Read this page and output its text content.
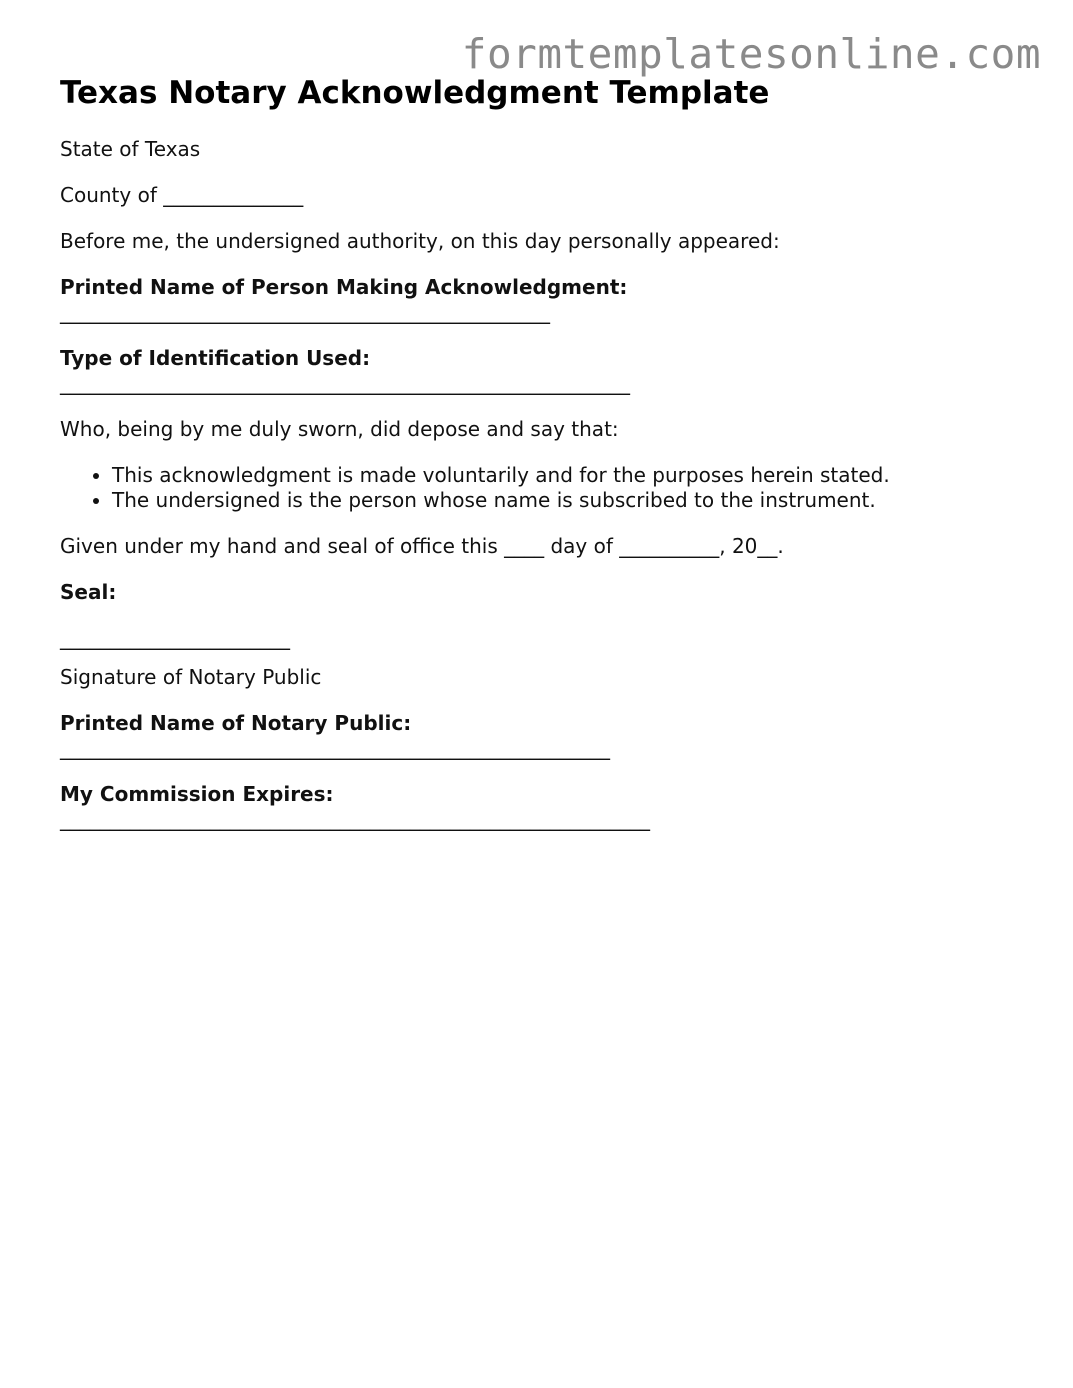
formtemplatesonline.com
Texas Notary Acknowledgment Template

State of Texas

County of ______________

Before me, the undersigned authority, on this day personally appeared:

Printed Name of Person Making Acknowledgment:

_________________________________________________

Type of Identification Used:

_________________________________________________________

Who, being by me duly sworn, did depose and say that:

• This acknowledgment is made voluntarily and for the purposes herein stated.
• The undersigned is the person whose name is subscribed to the instrument.

Given under my hand and seal of office this ____ day of __________, 20__.

Seal:

_______________________

Signature of Notary Public

Printed Name of Notary Public:

_______________________________________________________

My Commission Expires:

___________________________________________________________
